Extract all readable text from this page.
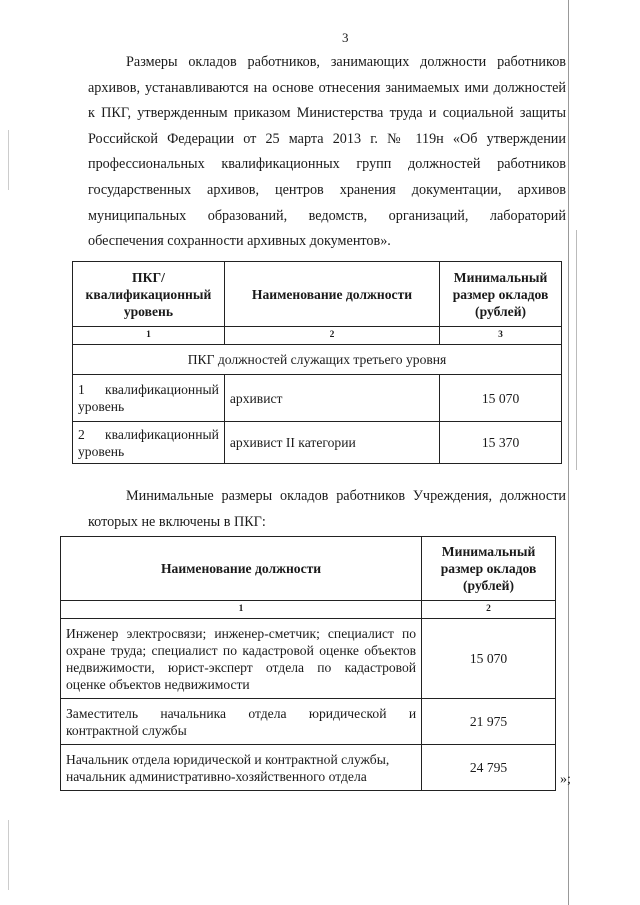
3
Размеры окладов работников, занимающих должности работников
архивов, устанавливаются на основе отнесения занимаемых ими должностей
к ПКГ, утвержденным приказом Министерства труда и социальной защиты
Российской Федерации от 25 марта 2013 г. № 119н «Об утверждении
профессиональных квалификационных групп должностей работников
государственных архивов, центров хранения документации, архивов
муниципальных образований, ведомств, организаций, лабораторий
обеспечения сохранности архивных документов».
ПКГ/ квалификационный уровень	Наименование должности	Минимальный размер окладов (рублей)
1	2	3
ПКГ должностей служащих третьего уровня		
1 квалификационный уровень	архивист	15 070
2 квалификационный уровень	архивист II категории	15 370
Минимальные размеры окладов работников Учреждения, должности
которых не включены в ПКГ:
Наименование должности	Минимальный размер окладов (рублей)
1	2
Инженер электросвязи; инженер-сметчик; специалист по охране труда; специалист по кадастровой оценке объектов недвижимости, юрист-эксперт отдела по кадастровой оценке объектов недвижимости	15 070
Заместитель начальника отдела юридической и контрактной службы	21 975
Начальник отдела юридической и контрактной службы, начальник административно-хозяйственного отдела	24 795
»;
